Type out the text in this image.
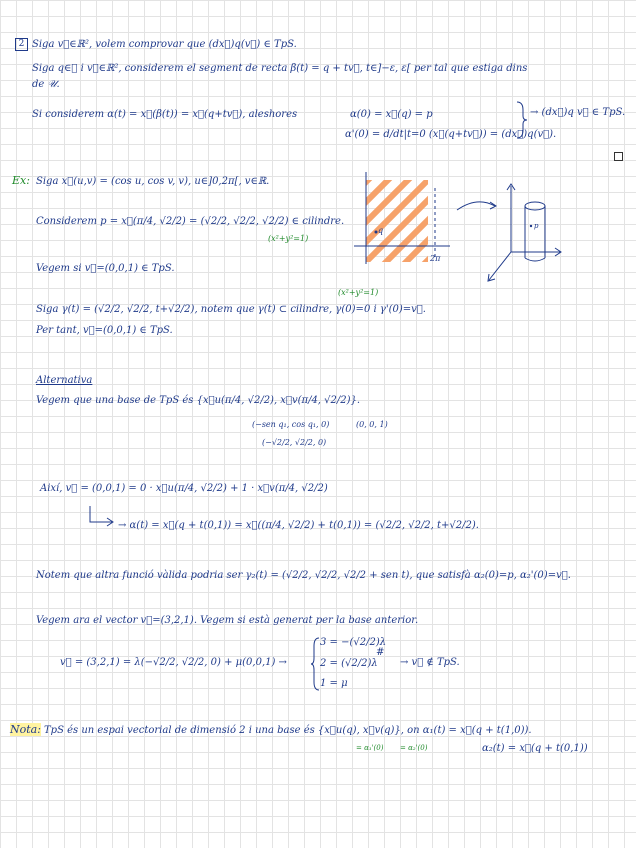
2 Siga v⃗∈ℝ², volem comprovar que (dx⃗)q(v⃗) ∈ TpS.
Siga q∈𝒰 i v⃗∈ℝ², considerem el segment de recta β(t) = q + tv⃗, t∈]−ε, ε[ per tal que estiga dins
de 𝒰.
Si considerem α(t) = x⃗(β(t)) = x⃗(q+tv⃗), aleshores	α(0) = x⃗(q) = p
α'(0) = d/dt|t=0 (x⃗(q+tv⃗)) = (dx⃗)q(v⃗).
→ (dx⃗)q v⃗ ∈ TpS.
Ex: Siga x⃗(u,v) = (cos u, cos v, v), u∈]0,2π[, v∈ℝ.
Considerem p = x⃗(π/4, √2/2) = (√2/2, √2/2, √2/2) ∈ cilindre.
(x²+y²=1)
Vegem si v⃗=(0,0,1) ∈ TpS.
(x²+y²=1)
Siga γ(t) = (√2/2, √2/2, t+√2/2), notem que γ(t) ⊂ cilindre, γ(0)=0 i γ'(0)=v⃗.
Per tant, v⃗=(0,0,1) ∈ TpS.
q
2π
p
Alternativa
Vegem que una base de TpS és {x⃗u(π/4, √2/2), x⃗v(π/4, √2/2)}.
(−sen q₁, cos q₁, 0)
(−√2/2, √2/2, 0)
(0, 0, 1)
Així, v⃗ = (0,0,1) = 0 · x⃗u(π/4, √2/2) + 1 · x⃗v(π/4, √2/2)
→ α(t) = x⃗(q + t(0,1)) = x⃗((π/4, √2/2) + t(0,1)) = (√2/2, √2/2, t+√2/2).
Notem que altra funció vàlida podria ser γ₂(t) = (√2/2, √2/2, √2/2 + sen t), que satisfà α₂(0)=p, α₂'(0)=v⃗.
Vegem ara el vector v⃗=(3,2,1). Vegem si està generat per la base anterior.
v⃗ = (3,2,1) = λ(−√2/2, √2/2, 0) + μ(0,0,1) →
3 = −(√2/2)λ
2 = (√2/2)λ
1 = μ
#
→ v⃗ ∉ TpS.
Nota: TpS és un espai vectorial de dimensió 2 i una base és {x⃗u(q), x⃗v(q)}, on α₁(t) = x⃗(q + t(1,0)).
= α₁'(0) = α₂'(0)	α₂(t) = x⃗(q + t(0,1))
